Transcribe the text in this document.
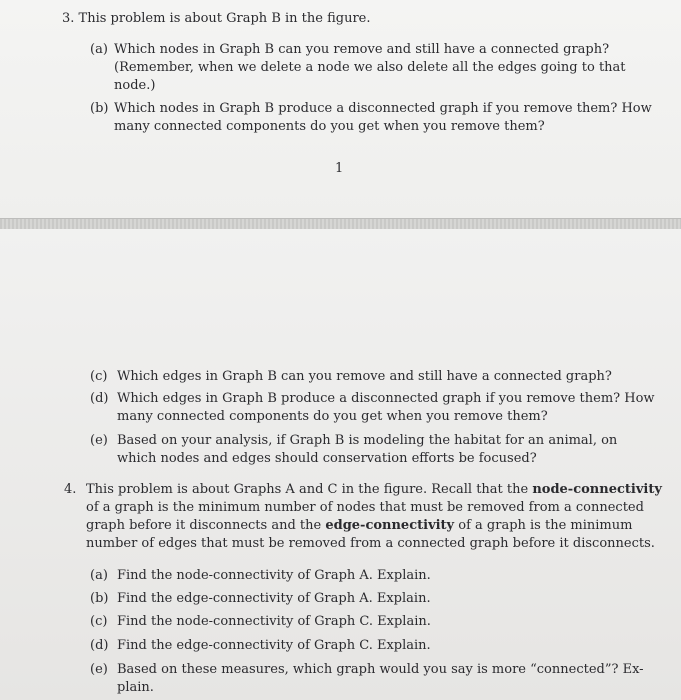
3. This problem is about Graph B in the figure.

(a) Which nodes in Graph B can you remove and still have a connected graph?

(Remember, when we delete a node we also delete all the edges going to that

node.)

(b) Which nodes in Graph B produce a disconnected graph if you remove them? How

many connected components do you get when you remove them?

1

(c) Which edges in Graph B can you remove and still have a connected graph?

(d) Which edges in Graph B produce a disconnected graph if you remove them? How

many connected components do you get when you remove them?

(e) Based on your analysis, if Graph B is modeling the habitat for an animal, on

which nodes and edges should conservation efforts be focused?

4. This problem is about Graphs A and C in the figure. Recall that the node-connectivity

of a graph is the minimum number of nodes that must be removed from a connected

graph before it disconnects and the edge-connectivity of a graph is the minimum

number of edges that must be removed from a connected graph before it disconnects.

(a) Find the node-connectivity of Graph A. Explain.

(b) Find the edge-connectivity of Graph A. Explain.

(c) Find the node-connectivity of Graph C. Explain.

(d) Find the edge-connectivity of Graph C. Explain.

(e) Based on these measures, which graph would you say is more “connected”? Ex-

plain.
